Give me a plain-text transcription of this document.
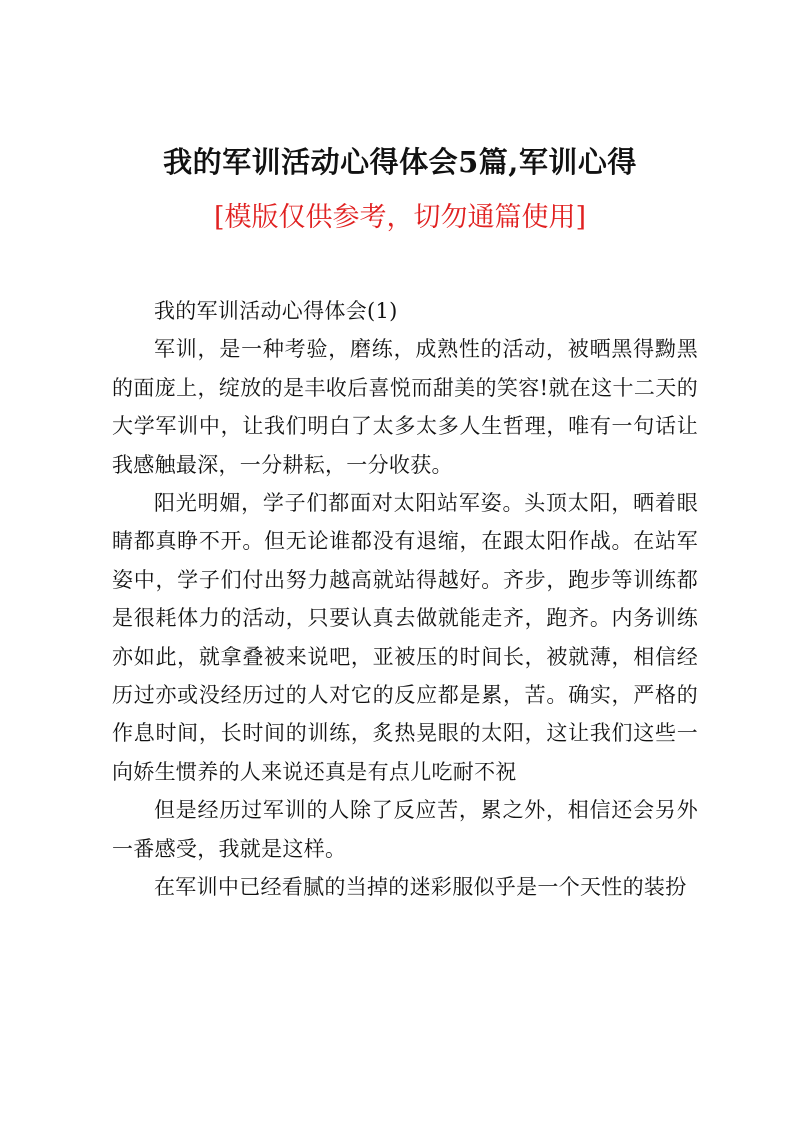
我的军训活动心得体会5篇,军训心得
[模版仅供参考，切勿通篇使用]

我的军训活动心得体会(1)

军训，是一种考验，磨练，成熟性的活动，被晒黑得黝黑的面庞上，绽放的是丰收后喜悦而甜美的笑容!就在这十二天的大学军训中，让我们明白了太多太多人生哲理，唯有一句话让我感触最深，一分耕耘，一分收获。

阳光明媚，学子们都面对太阳站军姿。头顶太阳，晒着眼睛都真睁不开。但无论谁都没有退缩，在跟太阳作战。在站军姿中，学子们付出努力越高就站得越好。齐步，跑步等训练都是很耗体力的活动，只要认真去做就能走齐，跑齐。内务训练亦如此，就拿叠被来说吧，亚被压的时间长，被就薄，相信经历过亦或没经历过的人对它的反应都是累，苦。确实，严格的作息时间，长时间的训练，炙热晃眼的太阳，这让我们这些一向娇生惯养的人来说还真是有点儿吃耐不祝

但是经历过军训的人除了反应苦，累之外，相信还会另外一番感受，我就是这样。

在军训中已经看腻的当掉的迷彩服似乎是一个天性的装扮
